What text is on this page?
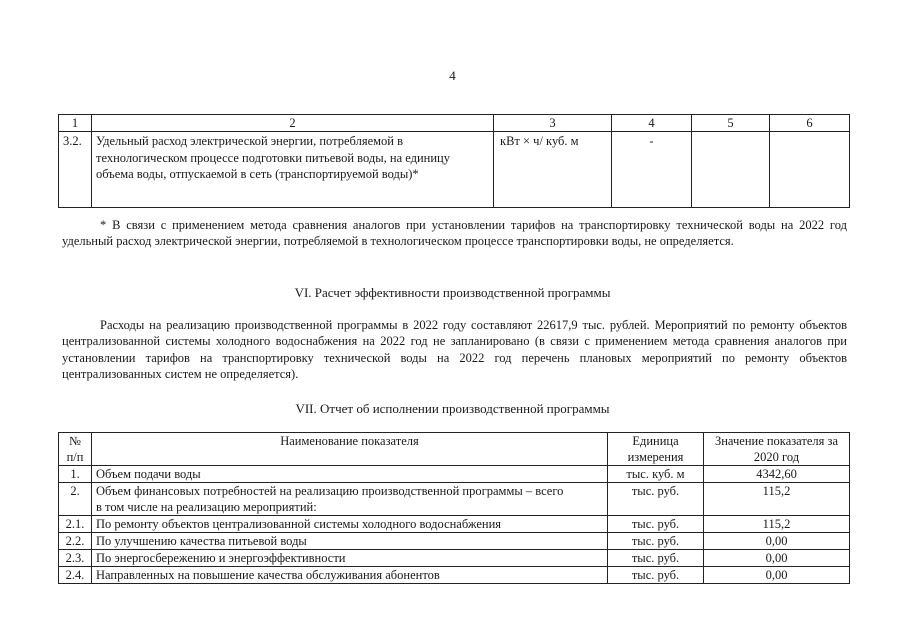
4
1	2	3	4	5	6
3.2.	Удельный расход электрической энергии, потребляемой в технологическом процессе подготовки питьевой воды, на единицу объема воды, отпускаемой в сеть (транспортируемой воды)*	кВт × ч/ куб. м	-		

* В связи с применением метода сравнения аналогов при установлении тарифов на транспортировку технической воды на 2022 год удельный расход электрической энергии, потребляемой в технологическом процессе транспортировки воды, не определяется.

VI. Расчет эффективности производственной программы

Расходы на реализацию производственной программы в 2022 году составляют 22617,9 тыс. рублей. Мероприятий по ремонту объектов централизованной системы холодного водоснабжения на 2022 год не запланировано (в связи с применением метода сравнения аналогов при установлении тарифов на транспортировку технической воды на 2022 год перечень плановых мероприятий по ремонту объектов централизованных систем не определяется).

VII. Отчет об исполнении производственной программы
№ п/п	Наименование показателя	Единица измерения	Значение показателя за 2020 год
1.	Объем подачи воды	тыс. куб. м	4342,60
2.	Объем финансовых потребностей на реализацию производственной программы – всего
в том числе на реализацию мероприятий:	тыс. руб.	115,2
2.1.	По ремонту объектов централизованной системы холодного водоснабжения	тыс. руб.	115,2
2.2.	По улучшению качества питьевой воды	тыс. руб.	0,00
2.3.	По энергосбережению и энергоэффективности	тыс. руб.	0,00
2.4.	Направленных на повышение качества обслуживания абонентов	тыс. руб.	0,00
